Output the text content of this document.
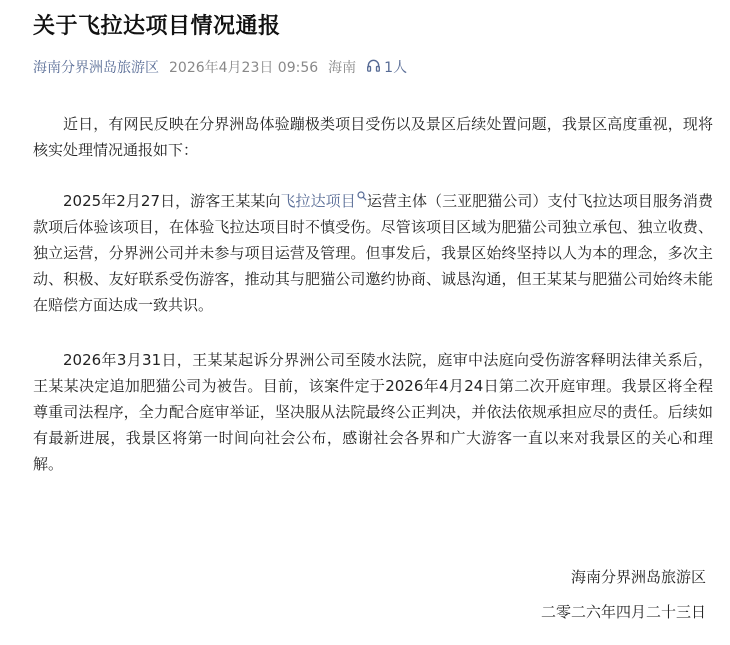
关于飞拉达项目情况通报
海南分界洲岛旅游区 2026年4月23日 09:56 海南 1人

近日，有网民反映在分界洲岛体验蹦极类项目受伤以及景区后续处置问题，我景区高度重视，现将核实处理情况通报如下：

2025年2月27日，游客王某某向飞拉达项目 运营主体（三亚肥猫公司）支付飞拉达项目服务消费款项后体验该项目，在体验飞拉达项目时不慎受伤。尽管该项目区域为肥猫公司独立承包、独立收费、独立运营，分界洲公司并未参与项目运营及管理。但事发后，我景区始终坚持以人为本的理念，多次主动、积极、友好联系受伤游客，推动其与肥猫公司邀约协商、诚恳沟通，但王某某与肥猫公司始终未能在赔偿方面达成一致共识。

2026年3月31日，王某某起诉分界洲公司至陵水法院，庭审中法庭向受伤游客释明法律关系后，王某某决定追加肥猫公司为被告。目前，该案件定于2026年4月24日第二次开庭审理。我景区将全程尊重司法程序，全力配合庭审举证，坚决服从法院最终公正判决，并依法依规承担应尽的责任。后续如有最新进展，我景区将第一时间向社会公布，感谢社会各界和广大游客一直以来对我景区的关心和理解。

海南分界洲岛旅游区
二零二六年四月二十三日
